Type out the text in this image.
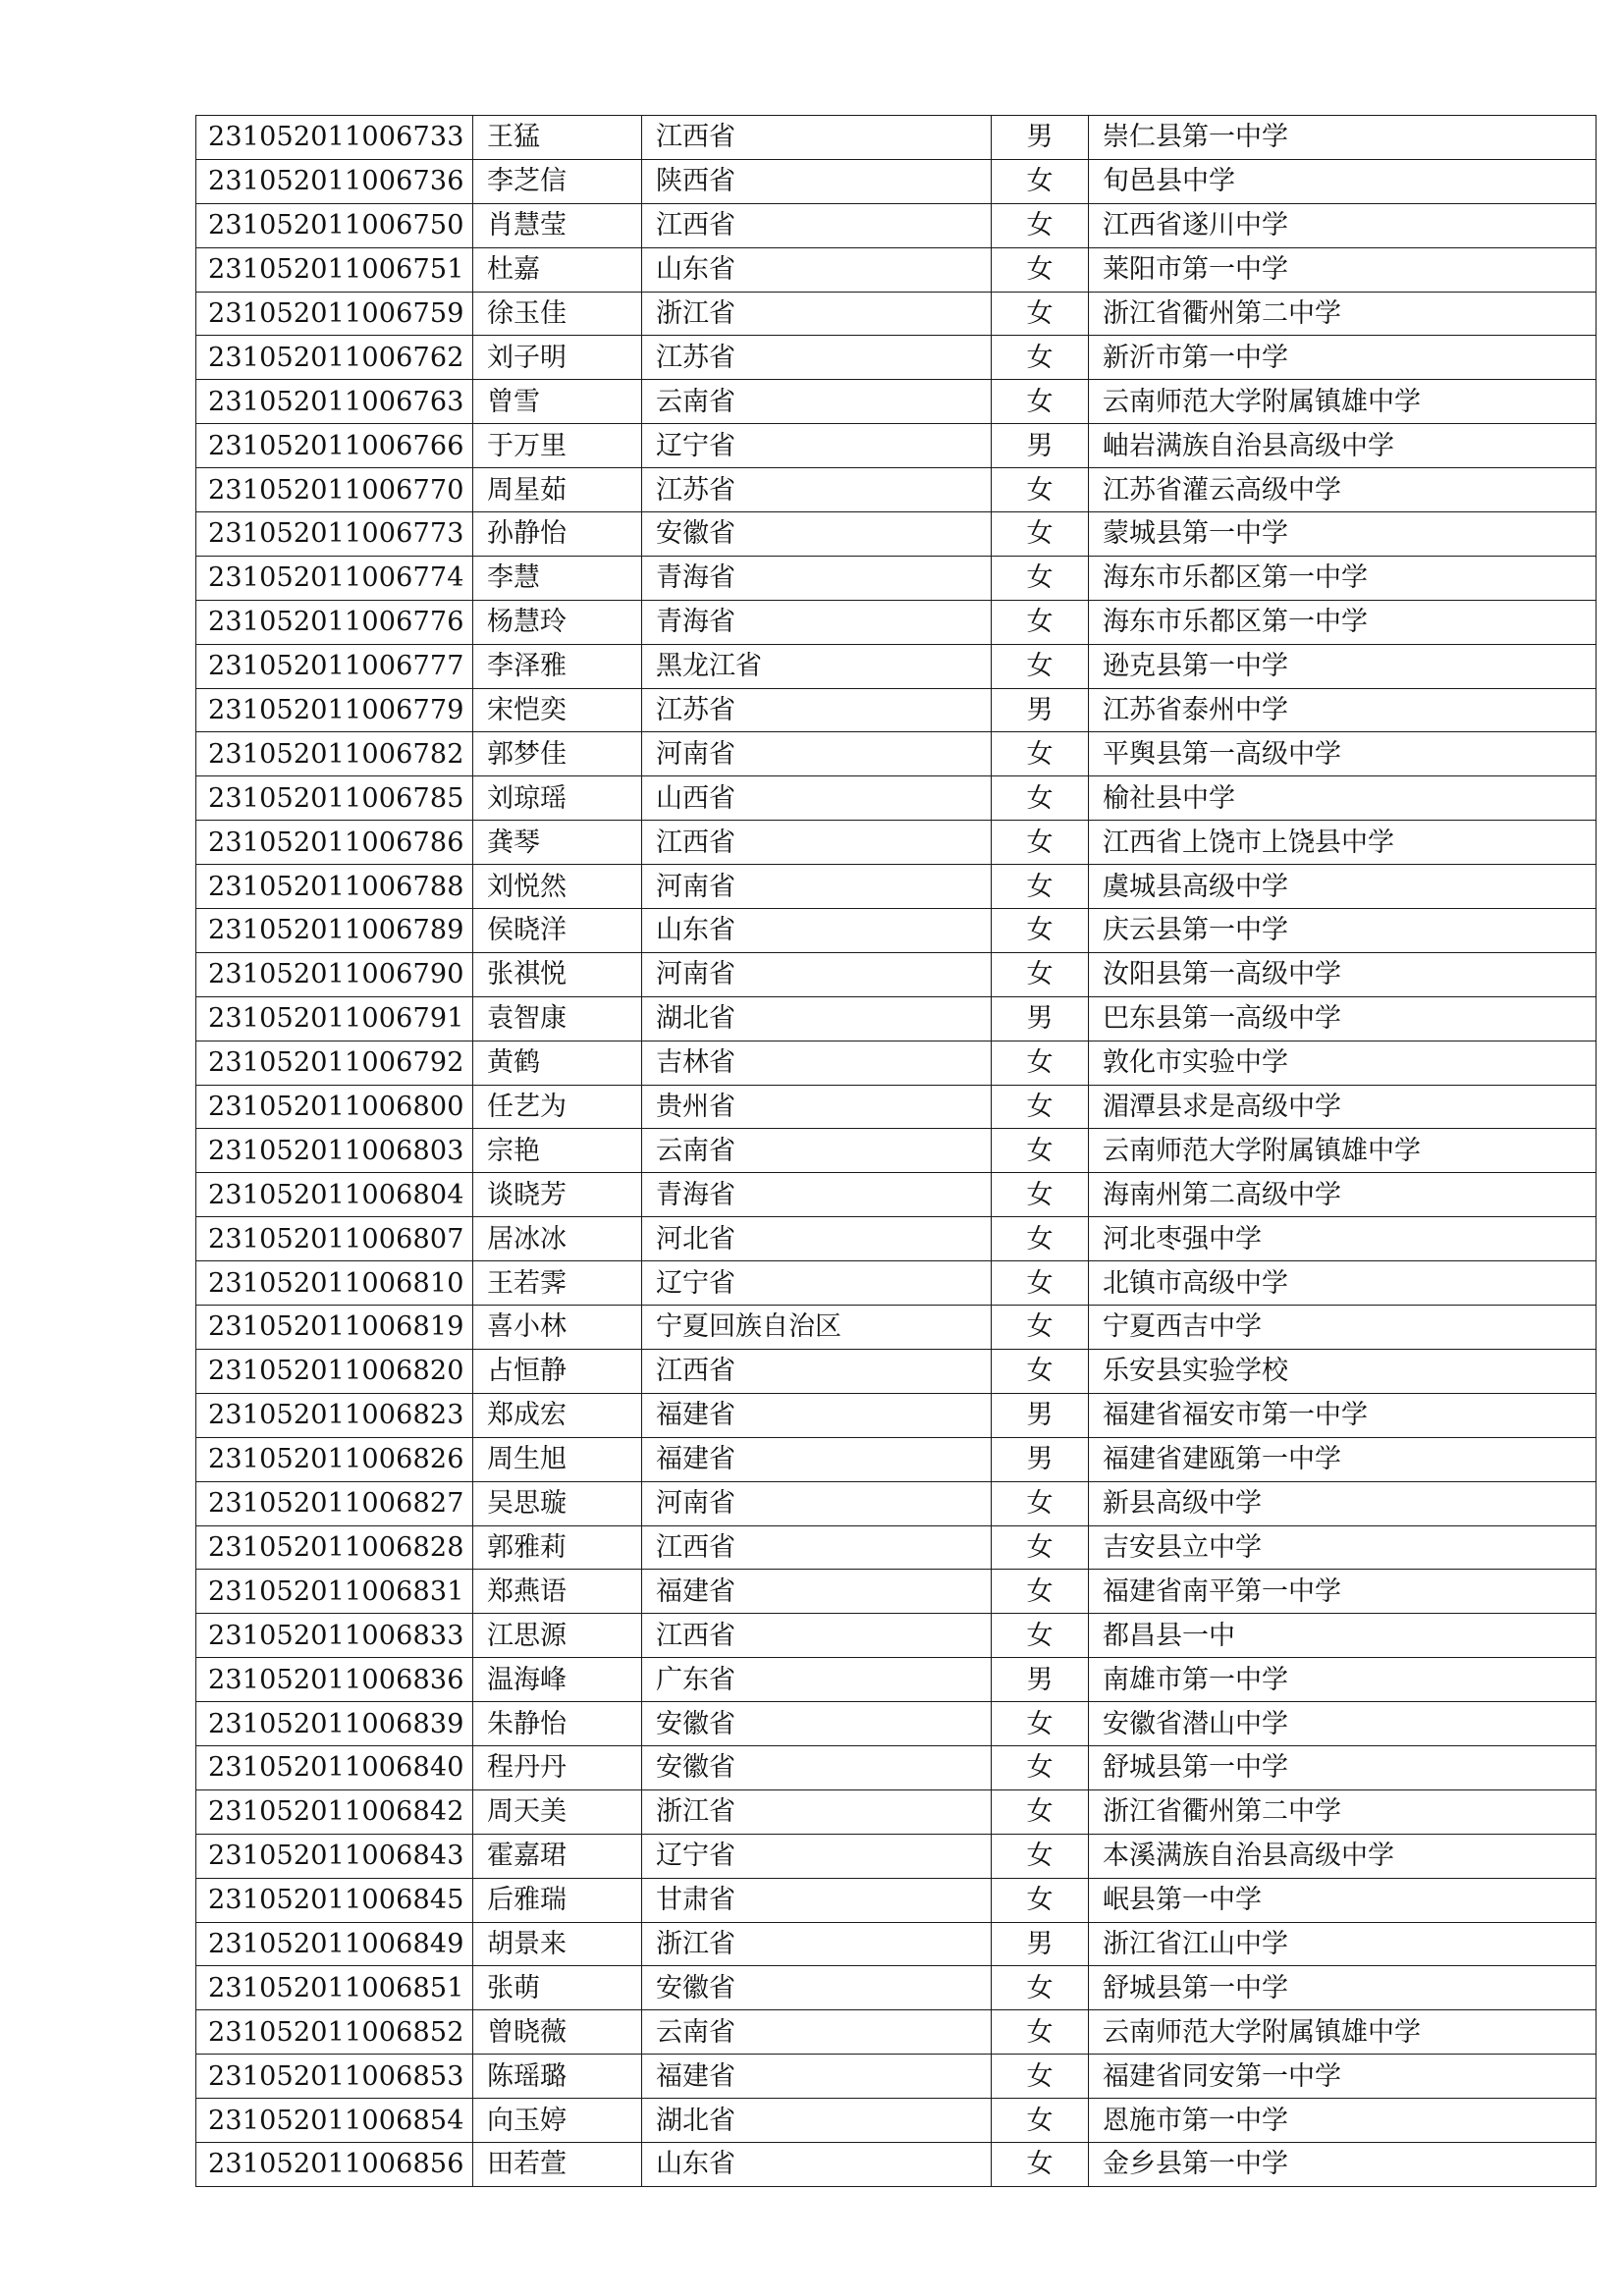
231052011006733	王猛	江西省	男	崇仁县第一中学
231052011006736	李芝信	陕西省	女	旬邑县中学
231052011006750	肖慧莹	江西省	女	江西省遂川中学
231052011006751	杜嘉	山东省	女	莱阳市第一中学
231052011006759	徐玉佳	浙江省	女	浙江省衢州第二中学
231052011006762	刘子明	江苏省	女	新沂市第一中学
231052011006763	曾雪	云南省	女	云南师范大学附属镇雄中学
231052011006766	于万里	辽宁省	男	岫岩满族自治县高级中学
231052011006770	周星茹	江苏省	女	江苏省灌云高级中学
231052011006773	孙静怡	安徽省	女	蒙城县第一中学
231052011006774	李慧	青海省	女	海东市乐都区第一中学
231052011006776	杨慧玲	青海省	女	海东市乐都区第一中学
231052011006777	李泽雅	黑龙江省	女	逊克县第一中学
231052011006779	宋恺奕	江苏省	男	江苏省泰州中学
231052011006782	郭梦佳	河南省	女	平舆县第一高级中学
231052011006785	刘琼瑶	山西省	女	榆社县中学
231052011006786	龚琴	江西省	女	江西省上饶市上饶县中学
231052011006788	刘悦然	河南省	女	虞城县高级中学
231052011006789	侯晓洋	山东省	女	庆云县第一中学
231052011006790	张祺悦	河南省	女	汝阳县第一高级中学
231052011006791	袁智康	湖北省	男	巴东县第一高级中学
231052011006792	黄鹤	吉林省	女	敦化市实验中学
231052011006800	任艺为	贵州省	女	湄潭县求是高级中学
231052011006803	宗艳	云南省	女	云南师范大学附属镇雄中学
231052011006804	谈晓芳	青海省	女	海南州第二高级中学
231052011006807	居冰冰	河北省	女	河北枣强中学
231052011006810	王若霁	辽宁省	女	北镇市高级中学
231052011006819	喜小林	宁夏回族自治区	女	宁夏西吉中学
231052011006820	占恒静	江西省	女	乐安县实验学校
231052011006823	郑成宏	福建省	男	福建省福安市第一中学
231052011006826	周生旭	福建省	男	福建省建瓯第一中学
231052011006827	吴思璇	河南省	女	新县高级中学
231052011006828	郭雅莉	江西省	女	吉安县立中学
231052011006831	郑燕语	福建省	女	福建省南平第一中学
231052011006833	江思源	江西省	女	都昌县一中
231052011006836	温海峰	广东省	男	南雄市第一中学
231052011006839	朱静怡	安徽省	女	安徽省潜山中学
231052011006840	程丹丹	安徽省	女	舒城县第一中学
231052011006842	周天美	浙江省	女	浙江省衢州第二中学
231052011006843	霍嘉珺	辽宁省	女	本溪满族自治县高级中学
231052011006845	后雅瑞	甘肃省	女	岷县第一中学
231052011006849	胡景来	浙江省	男	浙江省江山中学
231052011006851	张萌	安徽省	女	舒城县第一中学
231052011006852	曾晓薇	云南省	女	云南师范大学附属镇雄中学
231052011006853	陈瑶璐	福建省	女	福建省同安第一中学
231052011006854	向玉婷	湖北省	女	恩施市第一中学
231052011006856	田若萱	山东省	女	金乡县第一中学
